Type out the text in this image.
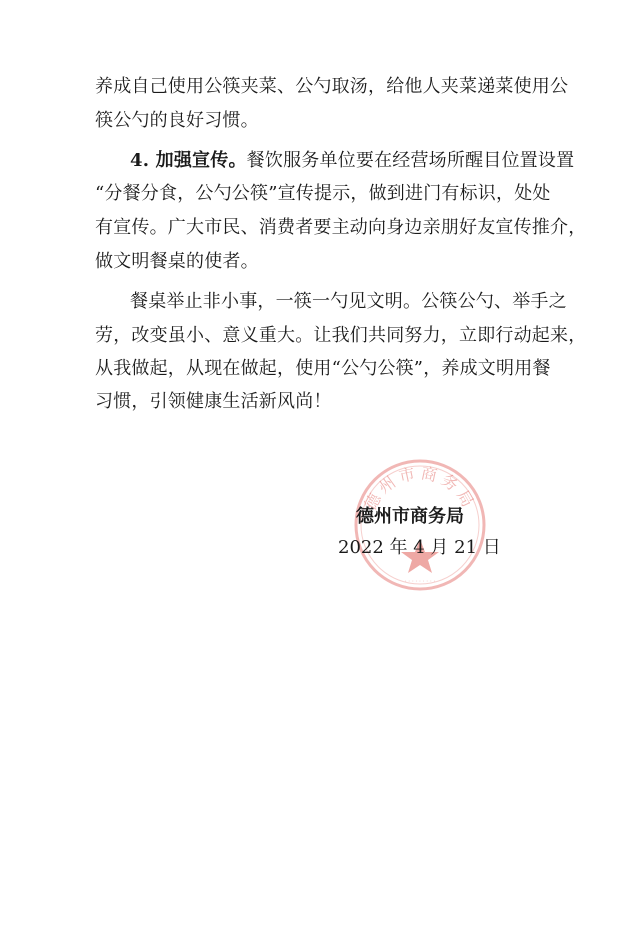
养成自己使用公筷夹菜、公勺取汤，给他人夹菜递菜使用公
筷公勺的良好习惯。
4. 加强宣传。餐饮服务单位要在经营场所醒目位置设置
“分餐分食，公勺公筷”宣传提示，做到进门有标识，处处
有宣传。广大市民、消费者要主动向身边亲朋好友宣传推介，
做文明餐桌的使者。
餐桌举止非小事，一筷一勺见文明。公筷公勺、举手之
劳，改变虽小、意义重大。让我们共同努力，立即行动起来，
从我做起，从现在做起，使用“公勺公筷”，养成文明用餐
习惯，引领健康生活新风尚！
德州市商务局
·········
德州市商务局
2022 年 4 月 21 日
